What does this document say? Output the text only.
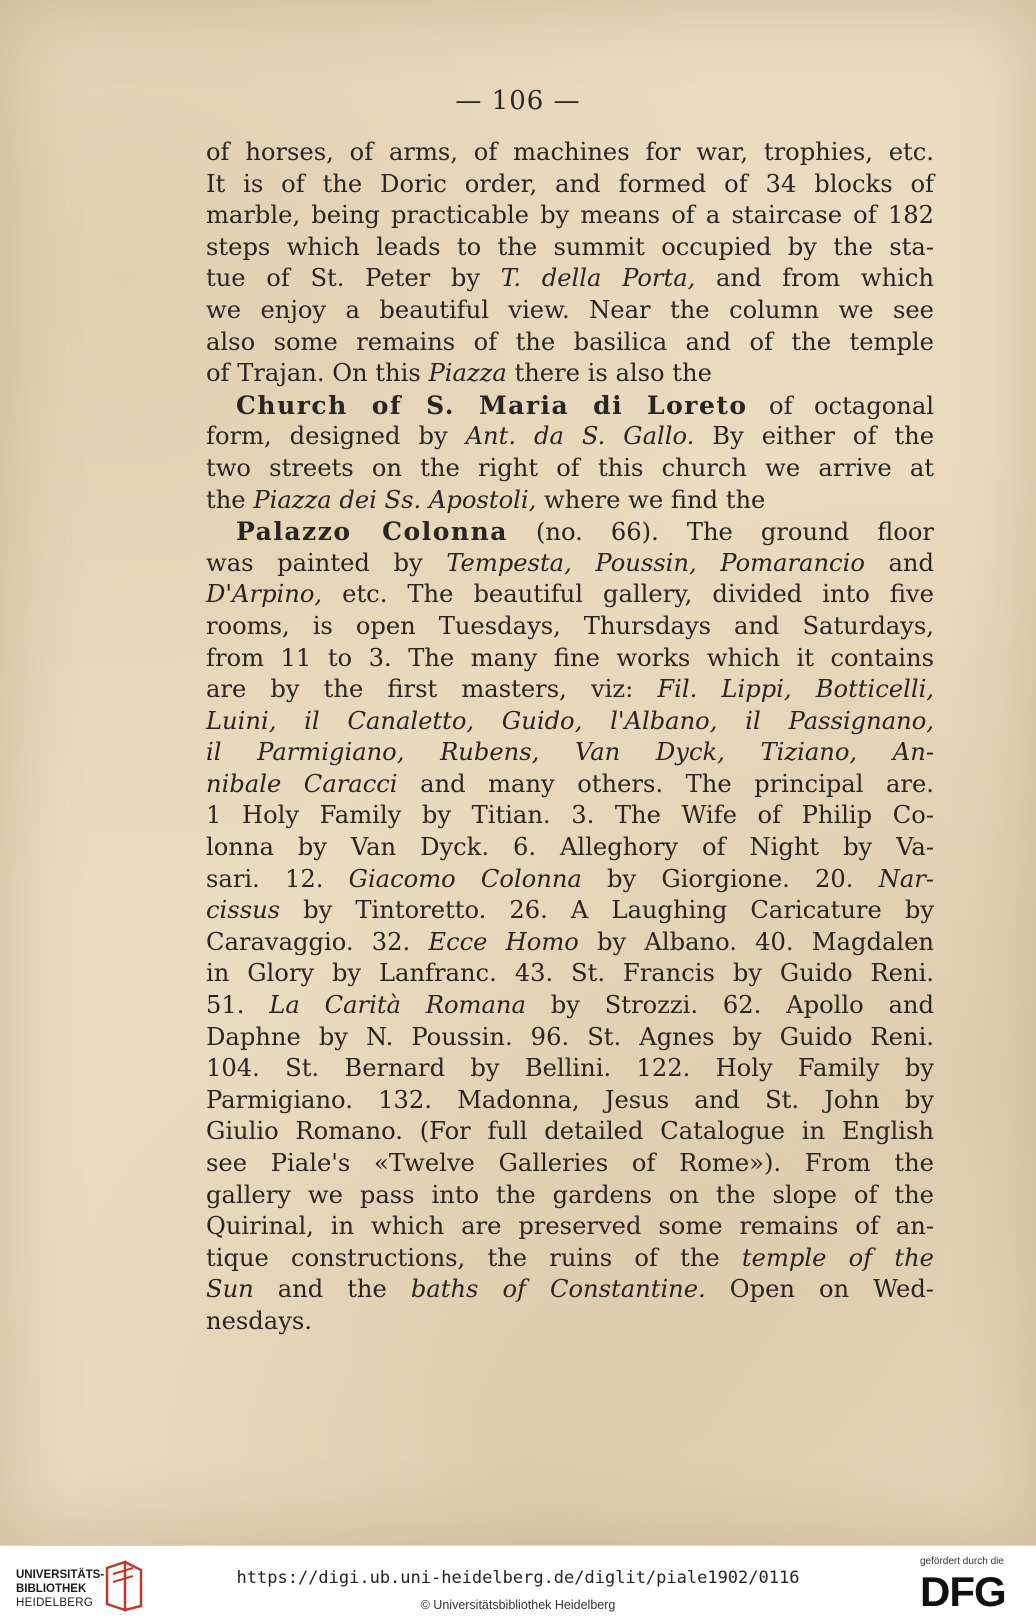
— 106 —
of horses, of arms, of machines for war, trophies, etc.
It is of the Doric order, and formed of 34 blocks of
marble, being practicable by means of a staircase of 182
steps which leads to the summit occupied by the sta-
tue of St. Peter by T. della Porta, and from which
we enjoy a beautiful view. Near the column we see
also some remains of the basilica and of the temple
of Trajan. On this Piazza there is also the
Church of S. Maria di Loreto of octagonal
form, designed by Ant. da S. Gallo. By either of the
two streets on the right of this church we arrive at
the Piazza dei Ss. Apostoli, where we find the
Palazzo Colonna (no. 66). The ground floor
was painted by Tempesta, Poussin, Pomarancio and
D'Arpino, etc. The beautiful gallery, divided into five
rooms, is open Tuesdays, Thursdays and Saturdays,
from 11 to 3. The many fine works which it contains
are by the first masters, viz: Fil. Lippi, Botticelli,
Luini, il Canaletto, Guido, l'Albano, il Passignano,
il Parmigiano, Rubens, Van Dyck, Tiziano, An-
nibale Caracci and many others. The principal are.
1 Holy Family by Titian. 3. The Wife of Philip Co-
lonna by Van Dyck. 6. Alleghory of Night by Va-
sari. 12. Giacomo Colonna by Giorgione. 20. Nar-
cissus by Tintoretto. 26. A Laughing Caricature by
Caravaggio. 32. Ecce Homo by Albano. 40. Magdalen
in Glory by Lanfranc. 43. St. Francis by Guido Reni.
51. La Carità Romana by Strozzi. 62. Apollo and
Daphne by N. Poussin. 96. St. Agnes by Guido Reni.
104. St. Bernard by Bellini. 122. Holy Family by
Parmigiano. 132. Madonna, Jesus and St. John by
Giulio Romano. (For full detailed Catalogue in English
see Piale's «Twelve Galleries of Rome»). From the
gallery we pass into the gardens on the slope of the
Quirinal, in which are preserved some remains of an-
tique constructions, the ruins of the temple of the
Sun and the baths of Constantine. Open on Wed-
nesdays.
UNIVERSITÄTS-
BIBLIOTHEK
HEIDELBERG
https://digi.ub.uni-heidelberg.de/diglit/piale1902/0116
© Universitätsbibliothek Heidelberg
gefördert durch die
DFG
